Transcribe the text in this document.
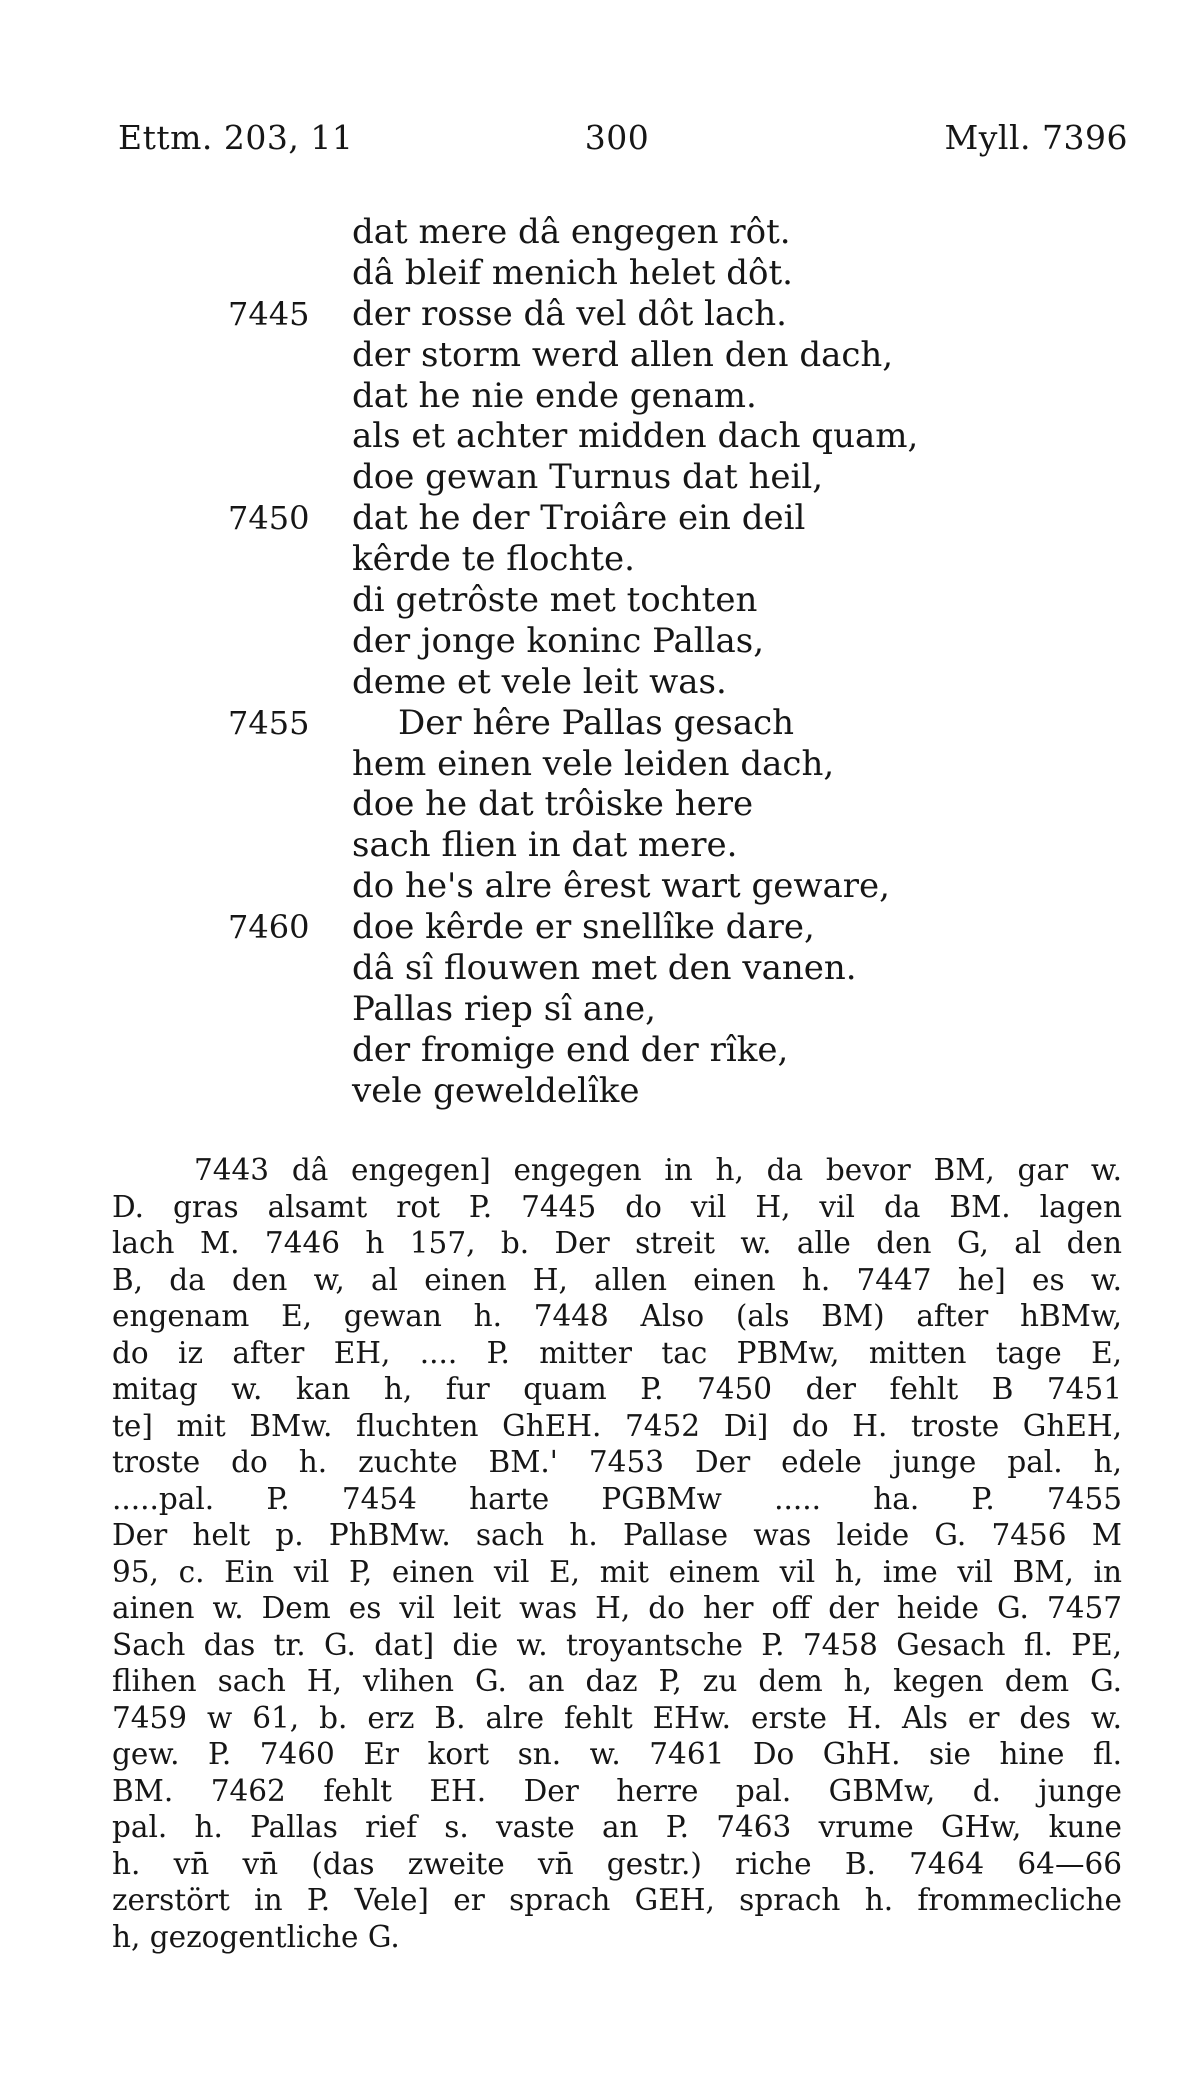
Ettm. 203, 11	300	Myll. 7396
dat mere dâ engegen rôt.
dâ bleif menich helet dôt.
7445	der rosse dâ vel dôt lach.
der storm werd allen den dach,
dat he nie ende genam.
als et achter midden dach quam,
doe gewan Turnus dat heil,
7450	dat he der Troiâre ein deil
kêrde te flochte.
di getrôste met tochten
der jonge koninc Pallas,
deme et vele leit was.
7455	Der hêre Pallas gesach
hem einen vele leiden dach,
doe he dat trôiske here
sach flien in dat mere.
do he's alre êrest wart geware,
7460	doe kêrde er snellîke dare,
dâ sî flouwen met den vanen.
Pallas riep sî ane,
der fromige end der rîke,
vele geweldelîke
7443 dâ engegen] engegen in h, da bevor BM, gar w.
D. gras alsamt rot P. 7445 do vil H, vil da BM. lagen
lach M. 7446 h 157, b. Der streit w. alle den G, al den
B, da den w, al einen H, allen einen h. 7447 he] es w.
engenam E, gewan h. 7448 Also (als BM) after hBMw,
do iz after EH, .... P. mitter tac PBMw, mitten tage E,
mitag w. kan h, fur quam P. 7450 der fehlt B 7451
te] mit BMw. fluchten GhEH. 7452 Di] do H. troste GhEH,
troste do h. zuchte BM.' 7453 Der edele junge pal. h,
.....pal. P. 7454 harte PGBMw ..... ha. P. 7455
Der helt p. PhBMw. sach h. Pallase was leide G. 7456 M
95, c. Ein vil P, einen vil E, mit einem vil h, ime vil BM, in
ainen w. Dem es vil leit was H, do her off der heide G. 7457
Sach das tr. G. dat] die w. troyantsche P. 7458 Gesach fl. PE,
flihen sach H, vlihen G. an daz P, zu dem h, kegen dem G.
7459 w 61, b. erz B. alre fehlt EHw. erste H. Als er des w.
gew. P. 7460 Er kort sn. w. 7461 Do GhH. sie hine fl.
BM. 7462 fehlt EH. Der herre pal. GBMw, d. junge
pal. h. Pallas rief s. vaste an P. 7463 vrume GHw, kune
h. vn̄ vn̄ (das zweite vn̄ gestr.) riche B. 7464 64—66
zerstört in P. Vele] er sprach GEH, sprach h. frommecliche
h, gezogentliche G.
